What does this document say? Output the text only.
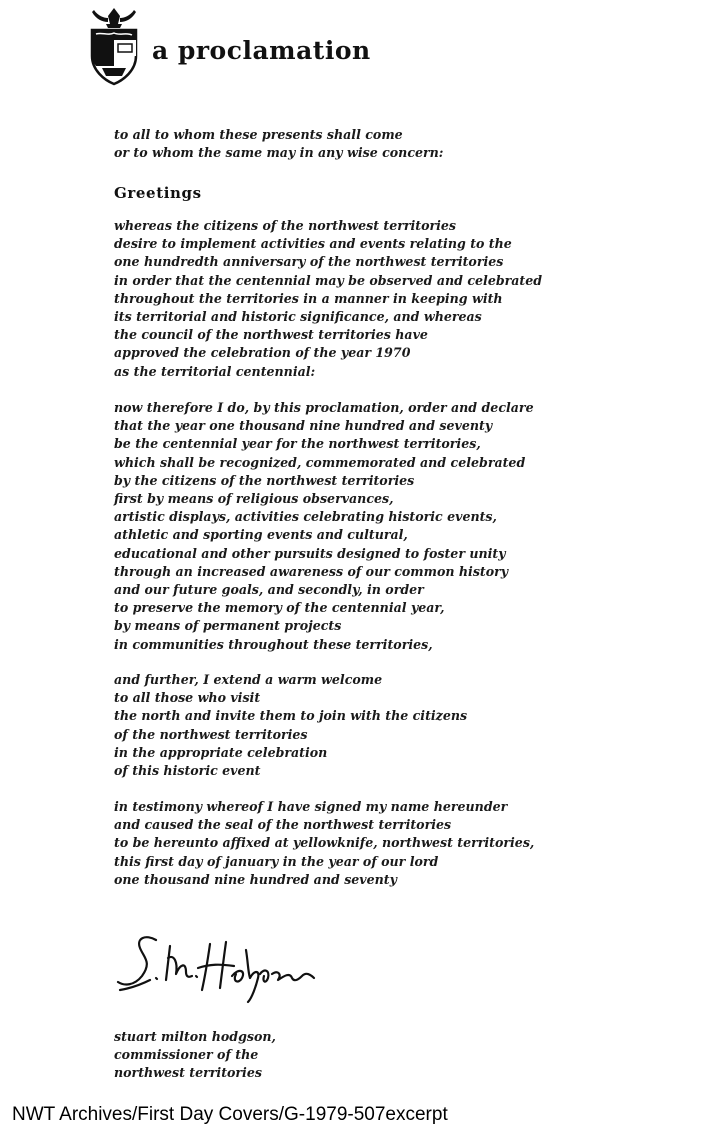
a proclamation
to all to whom these presents shall come
or to whom the same may in any wise concern:
Greetings
whereas the citizens of the northwest territories
desire to implement activities and events relating to the
one hundredth anniversary of the northwest territories
in order that the centennial may be observed and celebrated
throughout the territories in a manner in keeping with
its territorial and historic significance, and whereas
the council of the northwest territories have
approved the celebration of the year 1970
as the territorial centennial:
now therefore I do, by this proclamation, order and declare
that the year one thousand nine hundred and seventy
be the centennial year for the northwest territories,
which shall be recognized, commemorated and celebrated
by the citizens of the northwest territories
first by means of religious observances,
artistic displays, activities celebrating historic events,
athletic and sporting events and cultural,
educational and other pursuits designed to foster unity
through an increased awareness of our common history
and our future goals, and secondly, in order
to preserve the memory of the centennial year,
by means of permanent projects
in communities throughout these territories,
and further, I extend a warm welcome
to all those who visit
the north and invite them to join with the citizens
of the northwest territories
in the appropriate celebration
of this historic event
in testimony whereof I have signed my name hereunder
and caused the seal of the northwest territories
to be hereunto affixed at yellowknife, northwest territories,
this first day of january in the year of our lord
one thousand nine hundred and seventy
S. M. Hodgson
stuart milton hodgson,
commissioner of the
northwest territories
NWT Archives/First Day Covers/G-1979-507excerpt
